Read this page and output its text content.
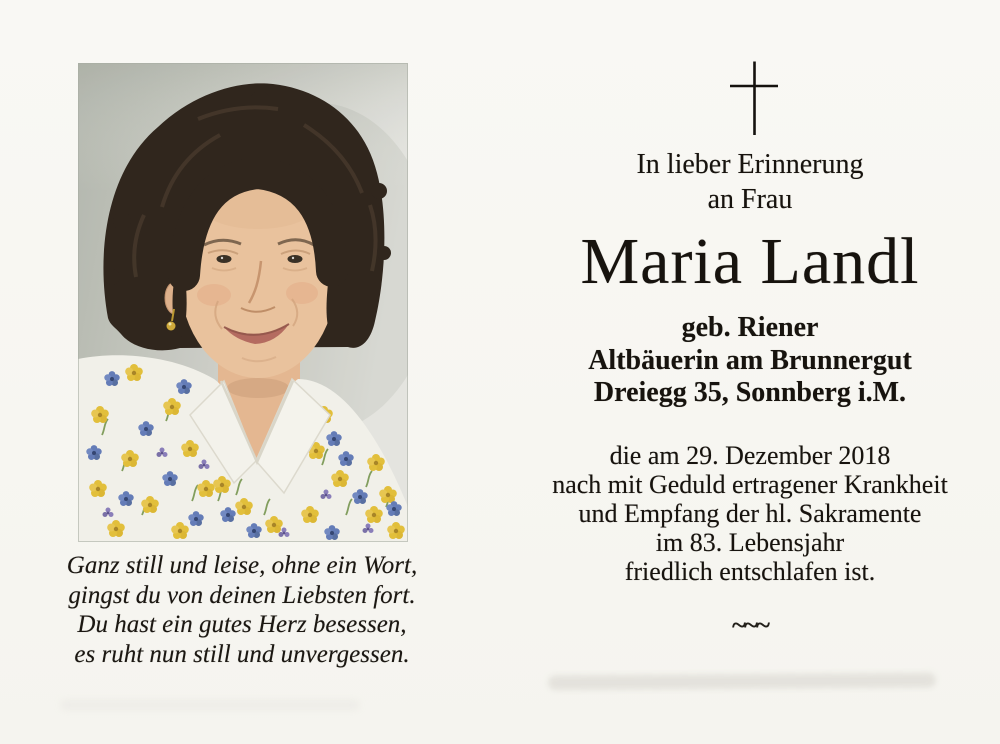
Ganz still und leise, ohne ein Wort,
gingst du von deinen Liebsten fort.
Du hast ein gutes Herz besessen,
es ruht nun still und unvergessen.
In lieber Erinnerung
an Frau
Maria Landl
geb. Riener
Altbäuerin am Brunnergut
Dreiegg 35, Sonnberg i.M.
die am 29. Dezember 2018
nach mit Geduld ertragener Krankheit
und Empfang der hl. Sakramente
im 83. Lebensjahr
friedlich entschlafen ist.
~~~
